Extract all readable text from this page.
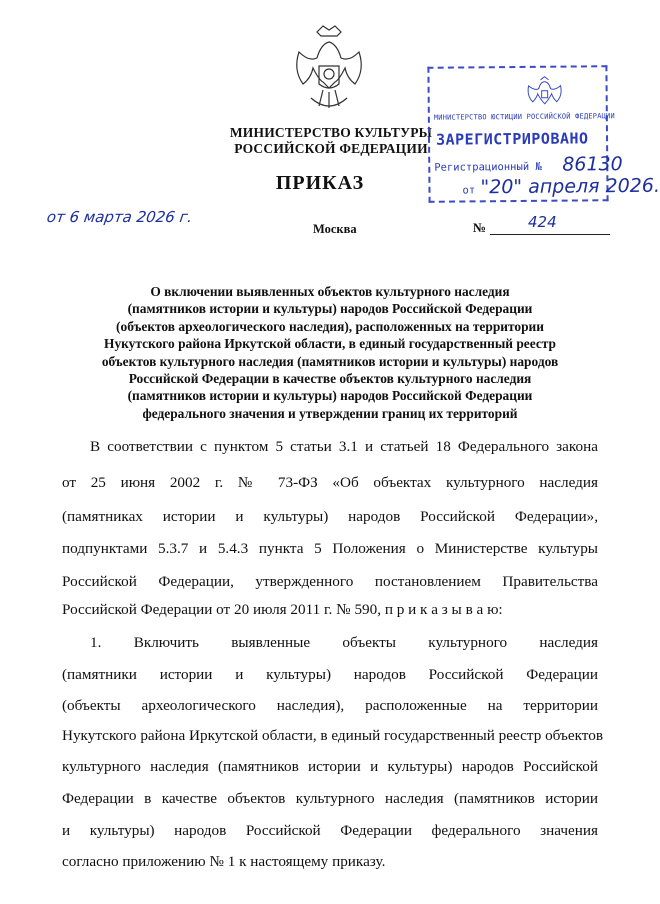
МИНИСТЕРСТВО КУЛЬТУРЫ
РОССИЙСКОЙ ФЕДЕРАЦИИ
ПРИКАЗ
от 6 марта 2026 г.
Москва	№	424
МИНИСТЕРСТВО ЮСТИЦИИ РОССИЙСКОЙ ФЕДЕРАЦИИ
ЗАРЕГИСТРИРОВАНО
Регистрационный № 86130
от "20" апреля 2026.
О включении выявленных объектов культурного наследия
(памятников истории и культуры) народов Российской Федерации
(объектов археологического наследия), расположенных на территории
Нукутского района Иркутской области, в единый государственный реестр
объектов культурного наследия (памятников истории и культуры) народов
Российской Федерации в качестве объектов культурного наследия
(памятников истории и культуры) народов Российской Федерации
федерального значения и утверждении границ их территорий
В соответствии с пунктом 5 статьи 3.1 и статьей 18 Федерального закона
от 25 июня 2002 г. № 73-ФЗ «Об объектах культурного наследия
(памятниках истории и культуры) народов Российской Федерации»,
подпунктами 5.3.7 и 5.4.3 пункта 5 Положения о Министерстве культуры
Российской Федерации, утвержденного постановлением Правительства
Российской Федерации от 20 июля 2011 г. № 590, п р и к а з ы в а ю:
1. Включить выявленные объекты культурного наследия
(памятники истории и культуры) народов Российской Федерации
(объекты археологического наследия), расположенные на территории
Нукутского района Иркутской области, в единый государственный реестр объектов
культурного наследия (памятников истории и культуры) народов Российской
Федерации в качестве объектов культурного наследия (памятников истории
и культуры) народов Российской Федерации федерального значения
согласно приложению № 1 к настоящему приказу.
